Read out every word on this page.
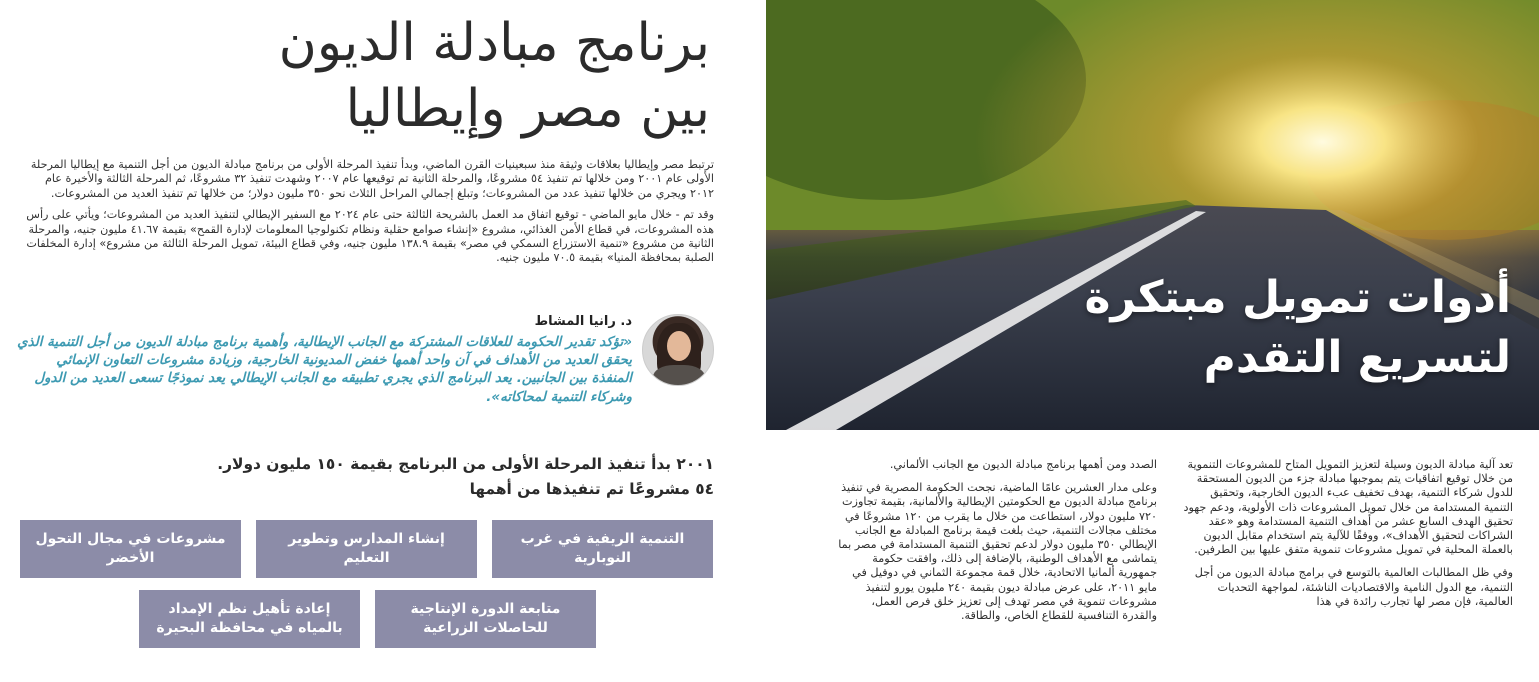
برنامج مبادلة الديون
بين مصر وإيطاليا

ترتبط مصر وإيطاليا بعلاقات وثيقة منذ سبعينيات القرن الماضي، وبدأ تنفيذ المرحلة الأولى من برنامج مبادلة الديون من أجل التنمية مع إيطاليا المرحلة الأولى عام ٢٠٠١ ومن خلالها تم تنفيذ ٥٤ مشروعًا، والمرحلة الثانية تم توقيعها عام ٢٠٠٧ وشهدت تنفيذ ٣٢ مشروعًا، ثم المرحلة الثالثة والأخيرة عام ٢٠١٢ ويجري من خلالها تنفيذ عدد من المشروعات؛ وتبلغ إجمالي المراحل الثلاث نحو ٣٥٠ مليون دولار؛ من خلالها تم تنفيذ العديد من المشروعات.

وقد تم - خلال مايو الماضي - توقيع اتفاق مد العمل بالشريحة الثالثة حتى عام ٢٠٢٤ مع السفير الإيطالي لتنفيذ العديد من المشروعات؛ ويأتي على رأس هذه المشروعات، في قطاع الأمن الغذائي، مشروع «إنشاء صوامع حقلية ونظام تكنولوجيا المعلومات لإدارة القمح» بقيمة ٤١.٦٧ مليون جنيه، والمرحلة الثانية من مشروع «تنمية الاستزراع السمكي في مصر» بقيمة ١٣٨.٩ مليون جنيه، وفي قطاع البيئة، تمويل المرحلة الثالثة من مشروع» إدارة المخلفات الصلبة بمحافظة المنيا» بقيمة ٧٠.٥ مليون جنيه.

د. رانيا المشاط
«تؤكد تقدير الحكومة للعلاقات المشتركة مع الجانب الإيطالية، وأهمية برنامج مبادلة الديون من أجل التنمية الذي يحقق العديد من الأهداف في آن واحد أهمها خفض المديونية الخارجية، وزيادة مشروعات التعاون الإنمائي المنفذة بين الجانبين. يعد البرنامج الذي يجري تطبيقه مع الجانب الإيطالي يعد نموذجًا تسعى العديد من الدول وشركاء التنمية لمحاكاته».
٢٠٠١ بدأ تنفيذ المرحلة الأولى من البرنامج بقيمة ١٥٠ مليون دولار.
٥٤ مشروعًا تم تنفيذها من أهمها
التنمية الريفية في غرب النوبارية
إنشاء المدارس وتطوير التعليم
مشروعات في مجال التحول الأخضر
متابعة الدورة الإنتاجية للحاصلات الزراعية
إعادة تأهيل نظم الإمداد بالمياه في محافظة البحيرة
أدوات تمويل مبتكرة
لتسريع التقدم

تعد آلية مبادلة الديون وسيلة لتعزيز التمويل المتاح للمشروعات التنموية من خلال توقيع اتفاقيات يتم بموجبها مبادلة جزء من الديون المستحقة للدول شركاء التنمية، بهدف تخفيف عبء الديون الخارجية، وتحقيق التنمية المستدامة من خلال تمويل المشروعات ذات الأولوية، ودعم جهود تحقيق الهدف السابع عشر من أهداف التنمية المستدامة وهو «عقد الشراكات لتحقيق الأهداف»، ووفقًا للآلية يتم استخدام مقابل الديون بالعملة المحلية في تمويل مشروعات تنموية متفق عليها بين الطرفين.

وفي ظل المطالبات العالمية بالتوسع في برامج مبادلة الديون من أجل التنمية، مع الدول النامية والاقتصاديات الناشئة، لمواجهة التحديات العالمية، فإن مصر لها تجارب رائدة في هذا

الصدد ومن أهمها برنامج مبادلة الديون مع الجانب الألماني.

وعلى مدار العشرين عامًا الماضية، نجحت الحكومة المصرية في تنفيذ برنامج مبادلة الديون مع الحكومتين الإيطالية والألمانية، بقيمة تجاوزت ٧٢٠ مليون دولار، استطاعت من خلال ما يقرب من ١٢٠ مشروعًا في مختلف مجالات التنمية، حيث بلغت قيمة برنامج المبادلة مع الجانب الإيطالي ٣٥٠ مليون دولار لدعم تحقيق التنمية المستدامة في مصر بما يتماشى مع الأهداف الوطنية، بالإضافة إلى ذلك، وافقت حكومة جمهورية ألمانيا الاتحادية، خلال قمة مجموعة الثماني في دوفيل في مايو ٢٠١١، على عرض مبادلة ديون بقيمة ٢٤٠ مليون يورو لتنفيذ مشروعات تنموية في مصر تهدف إلى تعزيز خلق فرص العمل، والقدرة التنافسية للقطاع الخاص، والطاقة.
